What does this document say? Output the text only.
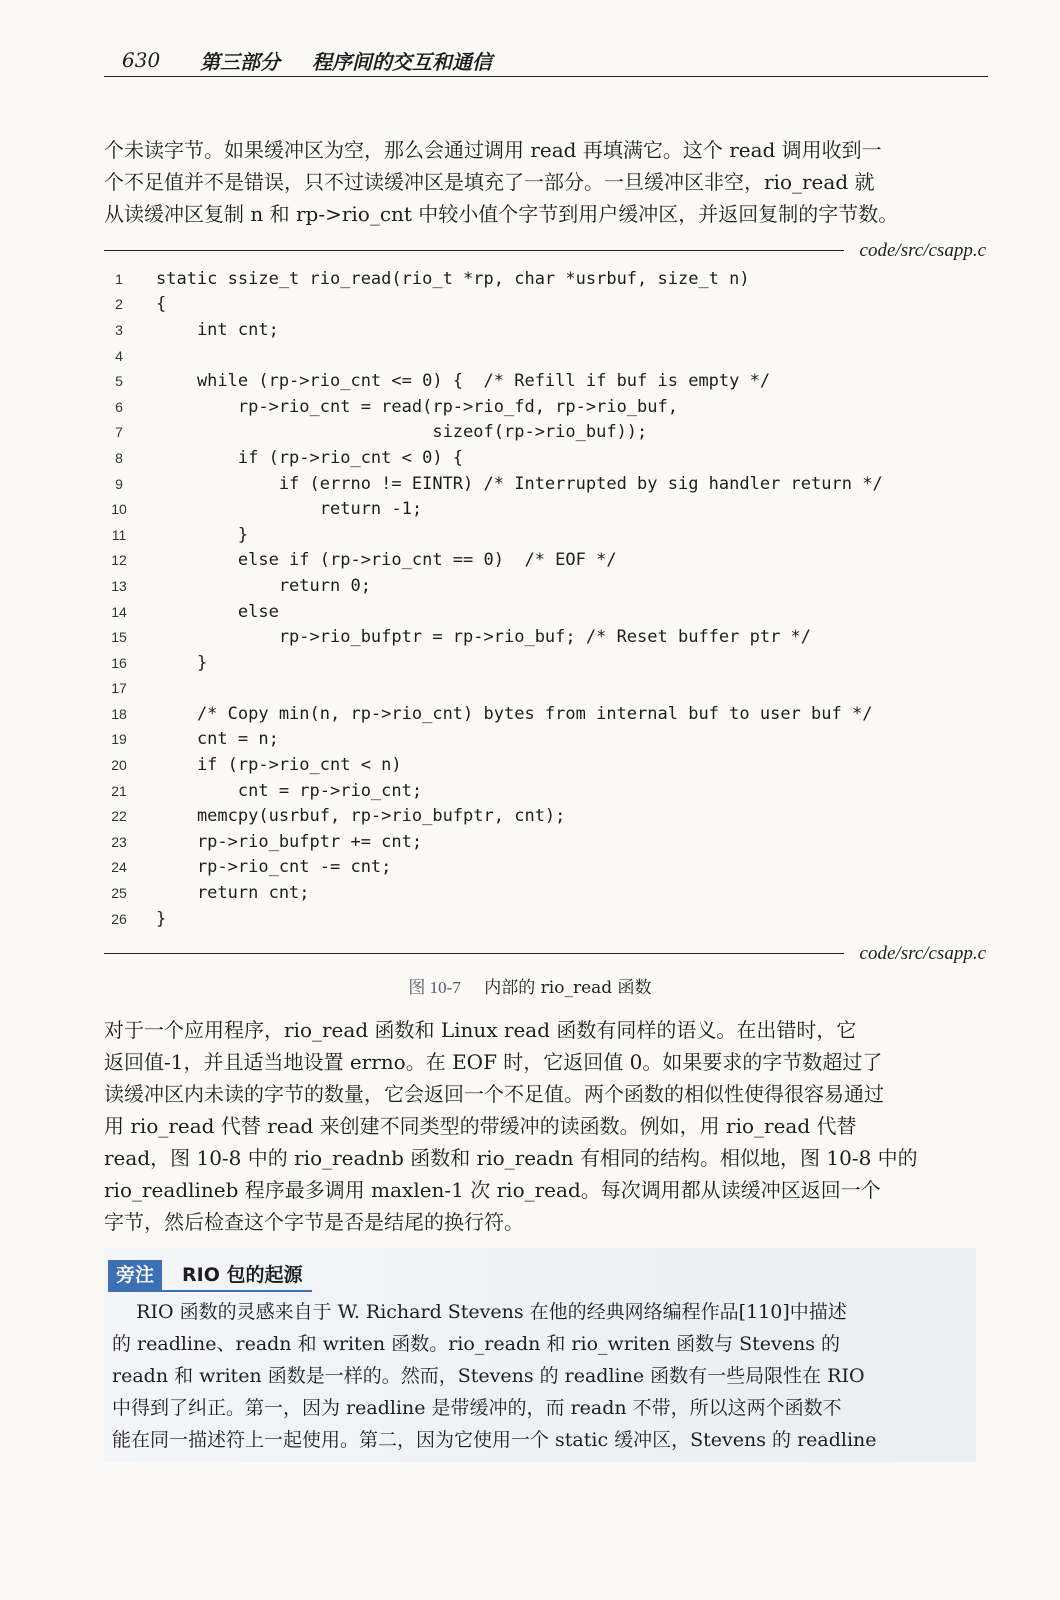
630 第三部分 程序间的交互和通信

个未读字节。如果缓冲区为空，那么会通过调用 read 再填满它。这个 read 调用收到一
个不足值并不是错误，只不过读缓冲区是填充了一部分。一旦缓冲区非空，rio_read 就
从读缓冲区复制 n 和 rp->rio_cnt 中较小值个字节到用户缓冲区，并返回复制的字节数。

code/src/csapp.c
1	static ssize_t rio_read(rio_t *rp, char *usrbuf, size_t n)
2	{
3	int cnt;
4
5	while (rp->rio_cnt <= 0) {  /* Refill if buf is empty */
6	rp->rio_cnt = read(rp->rio_fd, rp->rio_buf,
7	sizeof(rp->rio_buf));
8	if (rp->rio_cnt < 0) {
9	if (errno != EINTR) /* Interrupted by sig handler return */
10	return -1;
11	}
12	else if (rp->rio_cnt == 0)  /* EOF */
13	return 0;
14	else
15	rp->rio_bufptr = rp->rio_buf; /* Reset buffer ptr */
16	}
17
18	/* Copy min(n, rp->rio_cnt) bytes from internal buf to user buf */
19	cnt = n;
20	if (rp->rio_cnt < n)
21	cnt = rp->rio_cnt;
22	memcpy(usrbuf, rp->rio_bufptr, cnt);
23	rp->rio_bufptr += cnt;
24	rp->rio_cnt -= cnt;
25	return cnt;
26	}
code/src/csapp.c
图 10-7 内部的 rio_read 函数

对于一个应用程序，rio_read 函数和 Linux read 函数有同样的语义。在出错时，它
返回值-1，并且适当地设置 errno。在 EOF 时，它返回值 0。如果要求的字节数超过了
读缓冲区内未读的字节的数量，它会返回一个不足值。两个函数的相似性使得很容易通过
用 rio_read 代替 read 来创建不同类型的带缓冲的读函数。例如，用 rio_read 代替
read，图 10-8 中的 rio_readnb 函数和 rio_readn 有相同的结构。相似地，图 10-8 中的
rio_readlineb 程序最多调用 maxlen-1 次 rio_read。每次调用都从读缓冲区返回一个
字节，然后检查这个字节是否是结尾的换行符。

旁注	RIO 包的起源

RIO 函数的灵感来自于 W. Richard Stevens 在他的经典网络编程作品[110]中描述
的 readline、readn 和 writen 函数。rio_readn 和 rio_writen 函数与 Stevens 的
readn 和 writen 函数是一样的。然而，Stevens 的 readline 函数有一些局限性在 RIO
中得到了纠正。第一，因为 readline 是带缓冲的，而 readn 不带，所以这两个函数不
能在同一描述符上一起使用。第二，因为它使用一个 static 缓冲区，Stevens 的 readline
